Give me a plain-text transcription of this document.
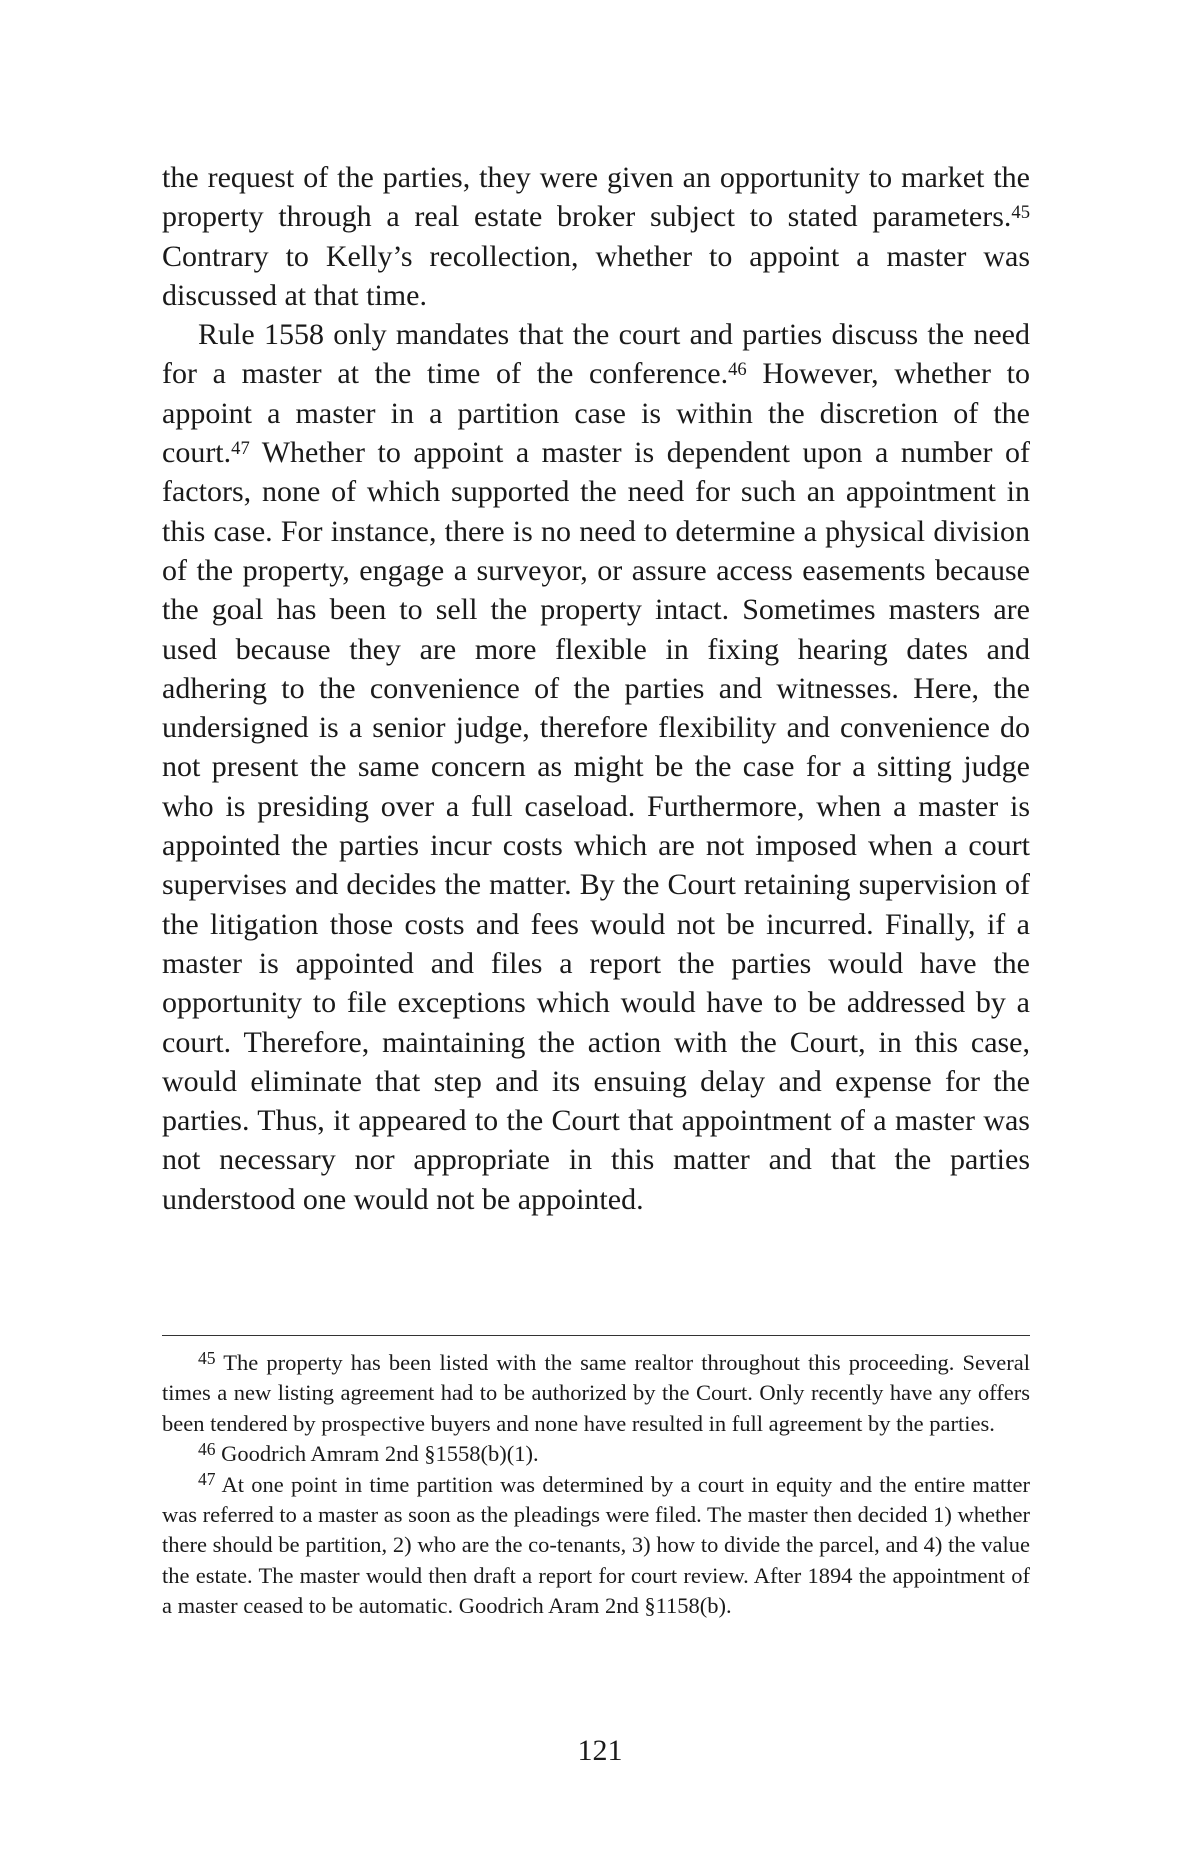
the request of the parties, they were given an opportunity to market the property through a real estate broker subject to stated parameters.$^{45}$ Contrary to Kelly’s recollection, whether to appoint a master was discussed at that time.

Rule 1558 only mandates that the court and parties discuss the need for a master at the time of the conference.$^{46}$ However, whether to appoint a master in a partition case is within the discretion of the court.$^{47}$ Whether to appoint a master is dependent upon a number of factors, none of which supported the need for such an appointment in this case. For instance, there is no need to determine a physical division of the property, engage a surveyor, or assure access easements because the goal has been to sell the property intact. Sometimes masters are used because they are more flexible in fixing hearing dates and adhering to the convenience of the parties and witnesses. Here, the undersigned is a senior judge, therefore flexibility and convenience do not present the same concern as might be the case for a sitting judge who is presiding over a full caseload. Furthermore, when a master is appointed the parties incur costs which are not imposed when a court supervises and decides the matter. By the Court retaining supervision of the litigation those costs and fees would not be incurred. Finally, if a master is appointed and files a report the parties would have the opportunity to file exceptions which would have to be addressed by a court. Therefore, maintaining the action with the Court, in this case, would eliminate that step and its ensuing delay and expense for the parties. Thus, it appeared to the Court that appointment of a master was not necessary nor appropriate in this matter and that the parties understood one would not be appointed.

$^{45}$ The property has been listed with the same realtor throughout this proceeding. Several times a new listing agreement had to be authorized by the Court. Only recently have any offers been tendered by prospective buyers and none have resulted in full agreement by the parties.

$^{46}$ Goodrich Amram 2nd §1558(b)(1).

$^{47}$ At one point in time partition was determined by a court in equity and the entire matter was referred to a master as soon as the pleadings were filed. The master then decided 1) whether there should be partition, 2) who are the co-tenants, 3) how to divide the parcel, and 4) the value the estate. The master would then draft a report for court review. After 1894 the appointment of a master ceased to be automatic. Goodrich Aram 2nd §1158(b).

121
